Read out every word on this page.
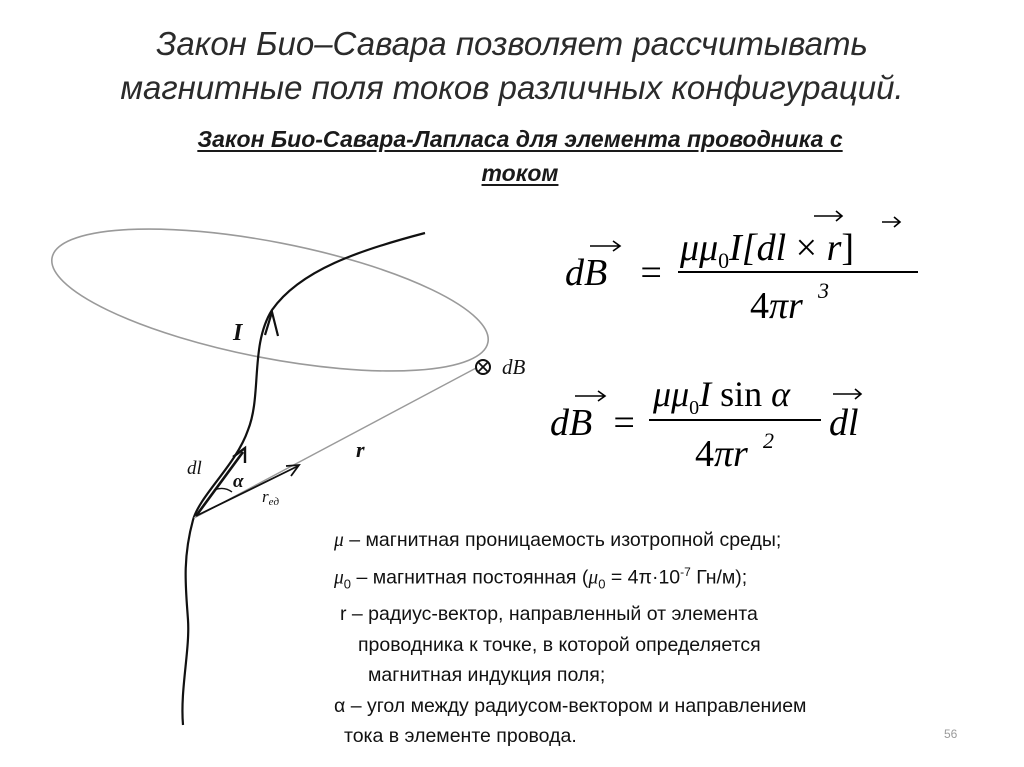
Закон Био–Савара позволяет рассчитывать
магнитные поля токов различных конфигураций.
Закон Био-Савара-Лапласа для элемента проводника с
током
I
dB
r
dl
α
reд
dB =
$\mu\mu_0I[dl \times r]$
4πr 3
dB =
$\mu\mu_0I$ sin α
4πr 2 dl
μ – магнитная проницаемость изотропной среды;
$\mu_0$ – магнитная постоянная ($\mu_0 = 4\pi\cdot 10^{-7}$ Гн/м);
r – радиус-вектор, направленный от элемента
проводника к точке, в которой определяется
магнитная индукция поля;
α – угол между радиусом-вектором и направлением
тока в элементе провода.	56
